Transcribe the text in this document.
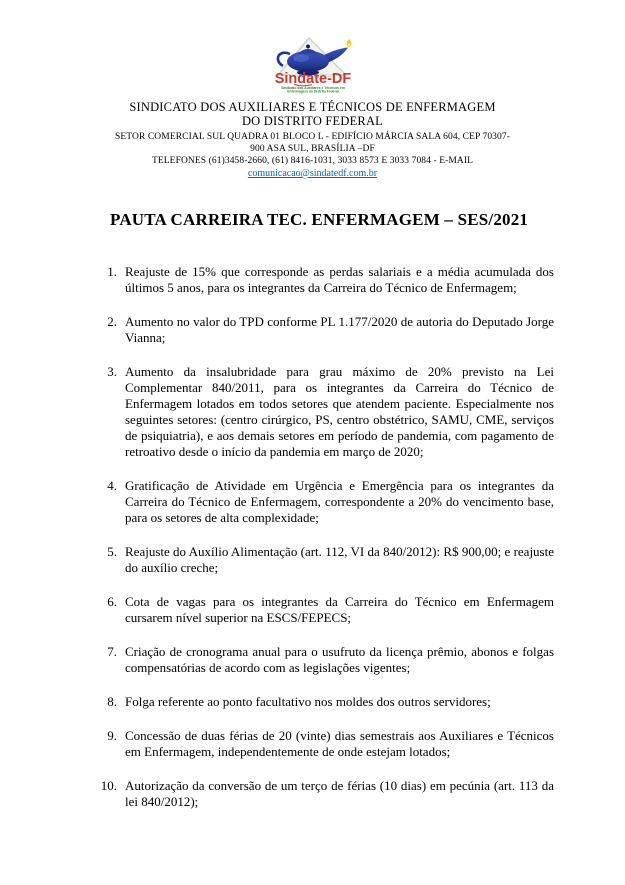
Sindate-DF
Sindicato dos Auxiliares e Técnicos em
Enfermagem do Distrito Federal
SINDICATO DOS AUXILIARES E TÉCNICOS DE ENFERMAGEM
DO DISTRITO FEDERAL
SETOR COMERCIAL SUL QUADRA 01 BLOCO L - EDIFÍCIO MÁRCIA SALA 604, CEP 70307-
900 ASA SUL, BRASÍLIA –DF
TELEFONES (61)3458-2660, (61) 8416-1031, 3033 8573 E 3033 7084 - E-MAIL
comunicacao@sindatedf.com.br
PAUTA CARREIRA TEC. ENFERMAGEM – SES/2021
1. Reajuste de 15% que corresponde as perdas salariais e a média acumulada dos últimos 5 anos, para os integrantes da Carreira do Técnico de Enfermagem;
2. Aumento no valor do TPD conforme PL 1.177/2020 de autoria do Deputado Jorge Vianna;
3. Aumento da insalubridade para grau máximo de 20% previsto na Lei Complementar 840/2011, para os integrantes da Carreira do Técnico de Enfermagem lotados em todos setores que atendem paciente. Especialmente nos seguintes setores: (centro cirúrgico, PS, centro obstétrico, SAMU, CME, serviços de psiquiatria), e aos demais setores em período de pandemia, com pagamento de retroativo desde o início da pandemia em março de 2020;
4. Gratificação de Atividade em Urgência e Emergência para os integrantes da Carreira do Técnico de Enfermagem, correspondente a 20% do vencimento base, para os setores de alta complexidade;
5. Reajuste do Auxílio Alimentação (art. 112, VI da 840/2012): R$ 900,00; e reajuste do auxílio creche;
6. Cota de vagas para os integrantes da Carreira do Técnico em Enfermagem cursarem nível superior na ESCS/FEPECS;
7. Criação de cronograma anual para o usufruto da licença prêmio, abonos e folgas compensatórias de acordo com as legislações vigentes;
8. Folga referente ao ponto facultativo nos moldes dos outros servidores;
9. Concessão de duas férias de 20 (vinte) dias semestrais aos Auxiliares e Técnicos em Enfermagem, independentemente de onde estejam lotados;
10. Autorização da conversão de um terço de férias (10 dias) em pecúnia (art. 113 da lei 840/2012);
